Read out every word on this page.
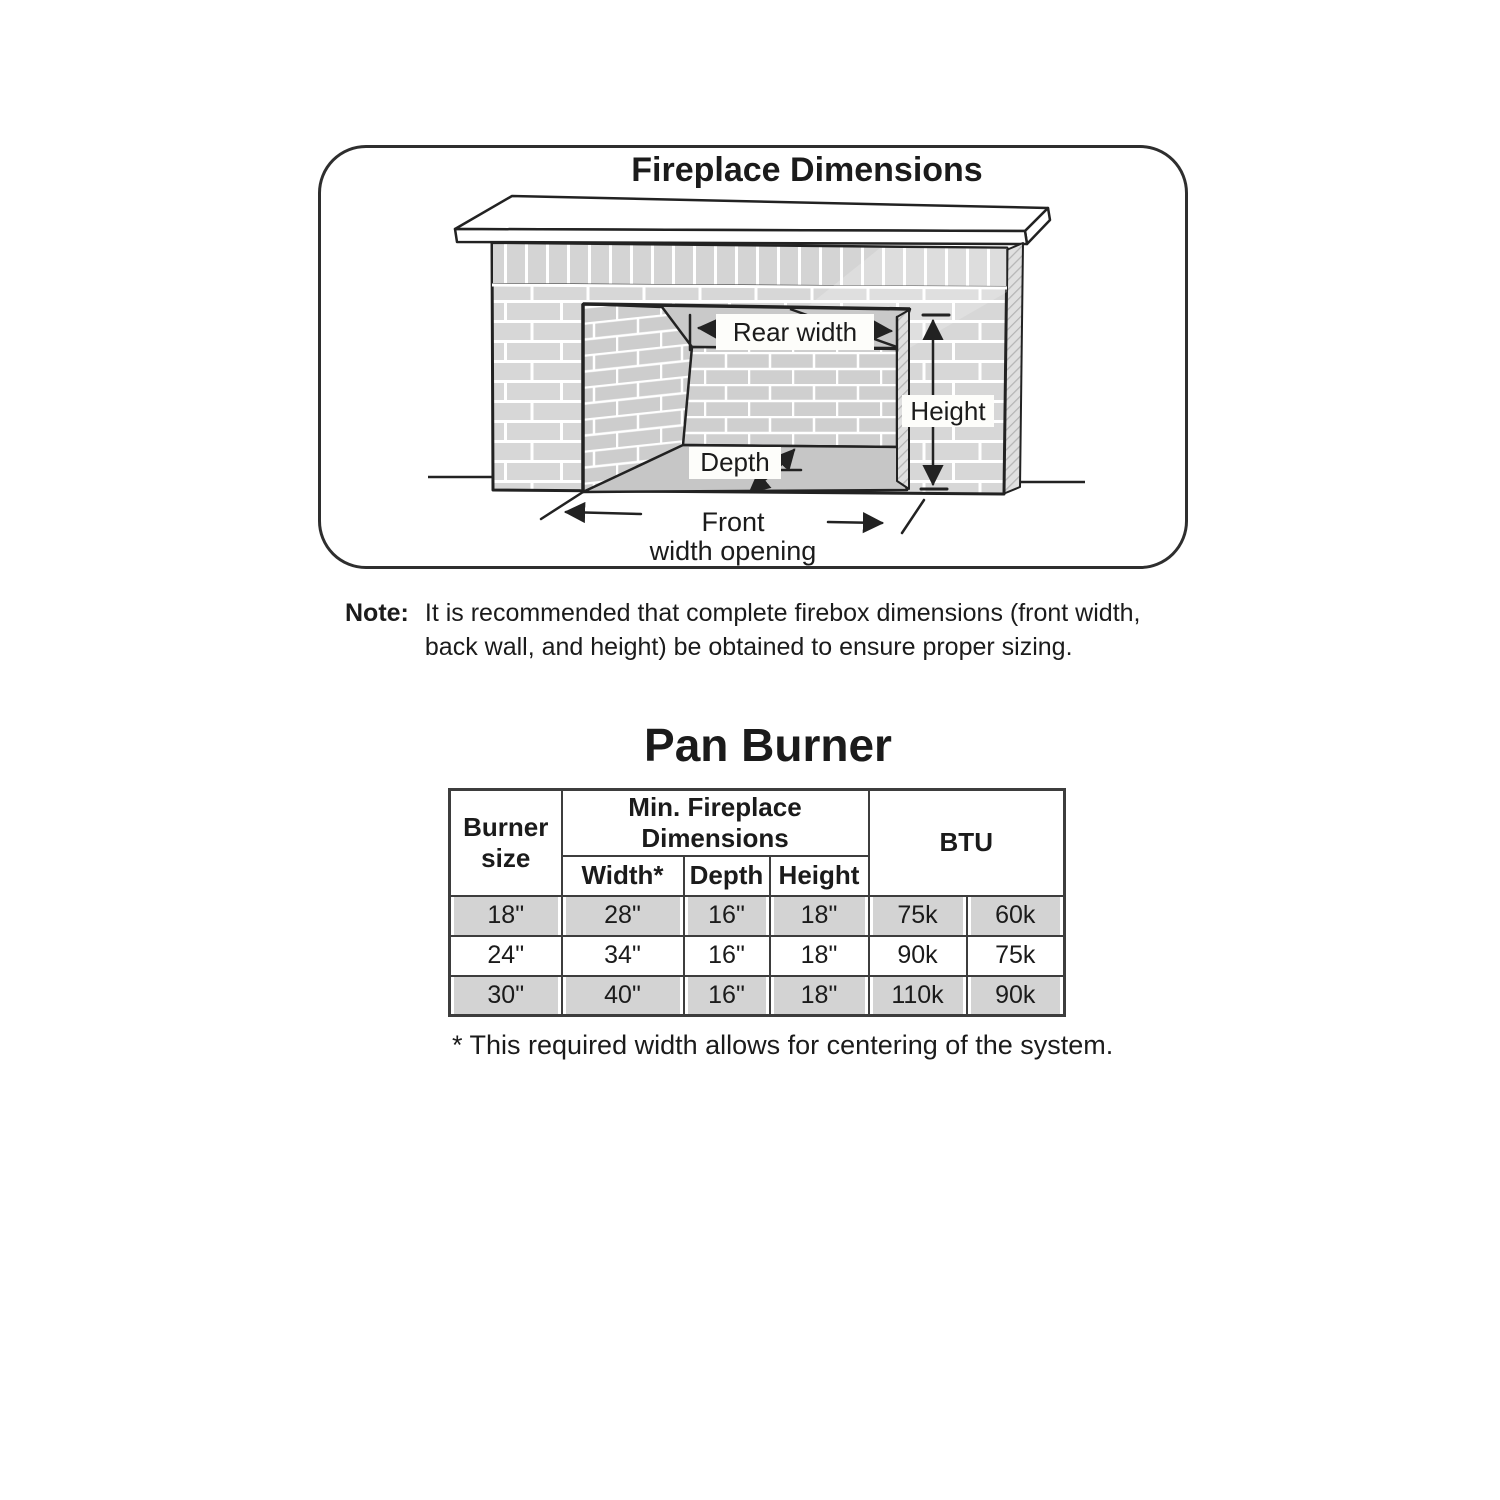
Fireplace Dimensions
Rear width
Height
Depth
Front
width opening
Note: It is recommended that complete firebox dimensions (front width,
back wall, and height) be obtained to ensure proper sizing.
Pan Burner
Burner size	Min. Fireplace Dimensions			BTU	
	Width*	Depth	Height		
18"	28"	16"	18"	75k	60k
24"	34"	16"	18"	90k	75k
30"	40"	16"	18"	110k	90k
* This required width allows for centering of the system.
